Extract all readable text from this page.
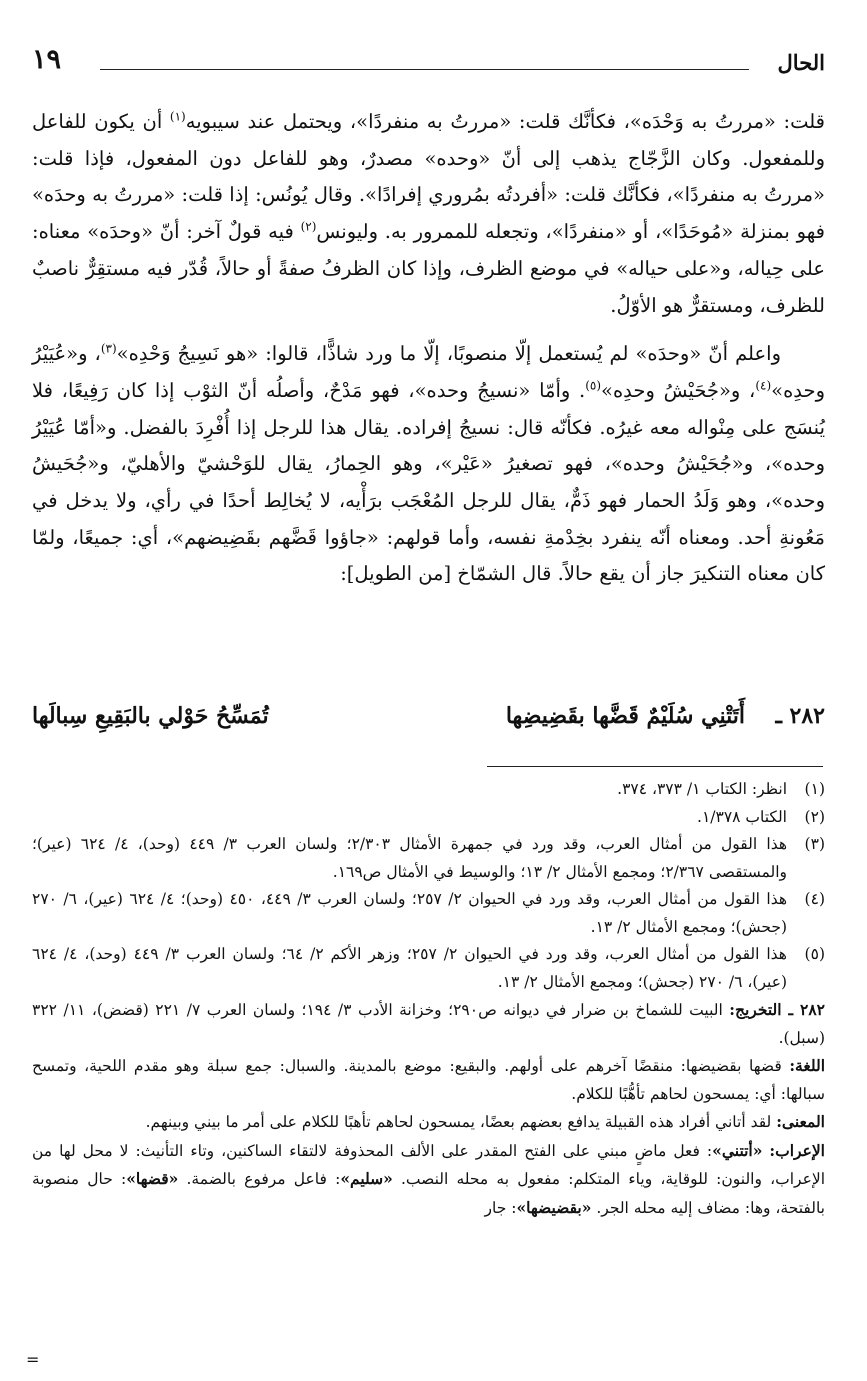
الحال
١٩

قلت: «مررتُ به وَحْدَه»، فكأنَّك قلت: «مررتُ به منفردًا»، ويحتمل عند سيبويه$^{(١)}$ أن يكون للفاعل وللمفعول. وكان الزَّجّاج يذهب إلى أنّ «وحده» مصدرٌ، وهو للفاعل دون المفعول، فإذا قلت: «مررتُ به منفردًا»، فكأنَّك قلت: «أفردتُه بمُروري إفرادًا». وقال يُونُس: إذا قلت: «مررتُ به وحدَه» فهو بمنزلة «مُوحَدًا»، أو «منفردًا»، وتجعله للممرور به. وليونس$^{(٢)}$ فيه قولٌ آخر: أنّ «وحدَه» معناه: على حِياله، و«على حياله» في موضع الظرف، وإذا كان الظرفُ صفةً أو حالاً، قُدّر فيه مستقِرٌّ ناصبٌ للظرف، ومستقرٌّ هو الأوّلُ.

واعلم أنّ «وحدَه» لم يُستعمل إلّا منصوبًا، إلّا ما ورد شاذًّا، قالوا: «هو نَسِيجُ وَحْدِه»$^{(٣)}$، و«عُيَيْرُ وحدِه»$^{(٤)}$، و«جُحَيْشُ وحدِه»$^{(٥)}$. وأمّا «نسيجُ وحده»، فهو مَدْحٌ، وأصلُه أنّ الثوْب إذا كان رَفِيعًا، فلا يُنسَج على مِنْواله معه غيرُه. فكأنّه قال: نسيجُ إفراده. يقال هذا للرجل إذا أُفْرِدَ بالفضل. و«أمّا عُيَيْرُ وحده»، و«جُحَيْشُ وحده»، فهو تصغيرُ «عَيْر»، وهو الحِمارُ، يقال للوَحْشيّ والأهليّ، و«جُحَيشُ وحده»، وهو وَلَدُ الحمار فهو ذَمٌّ، يقال للرجل المُعْجَب برَأْيه، لا يُخالِط أحدًا في رأي، ولا يدخل في مَعُونةِ أحد. ومعناه أنّه ينفرد بخِدْمةِ نفسه، وأما قولهم: «جاؤوا قَضَّهم بقَضِيضهم»، أي: جميعًا، ولمّا كان معناه التنكيرَ جاز أن يقع حالاً. قال الشمّاخ [من الطويل]:

٢٨٢ ـ
أَتَتْنِي سُلَيْمٌ قَضَّها بقَضِيضِها
تُمَسِّحُ حَوْلي بالبَقِيعِ سِبالَها
(١)
انظر: الكتاب ١/ ٣٧٣، ٣٧٤.
(٢)
الكتاب ١/٣٧٨.
(٣)
هذا القول من أمثال العرب، وقد ورد في جمهرة الأمثال ٢/٣٠٣؛ ولسان العرب ٣/ ٤٤٩ (وحد)، ٤/ ٦٢٤ (عير)؛ والمستقصى ٢/٣٦٧؛ ومجمع الأمثال ٢/ ١٣؛ والوسيط في الأمثال ص١٦٩.
(٤)
هذا القول من أمثال العرب، وقد ورد في الحيوان ٢/ ٢٥٧؛ ولسان العرب ٣/ ٤٤٩، ٤٥٠ (وحد)؛ ٤/ ٦٢٤ (عير)، ٦/ ٢٧٠ (جحش)؛ ومجمع الأمثال ٢/ ١٣.
(٥)
هذا القول من أمثال العرب، وقد ورد في الحيوان ٢/ ٢٥٧؛ وزهر الأكم ٢/ ٦٤؛ ولسان العرب ٣/ ٤٤٩ (وحد)، ٤/ ٦٢٤ (عير)، ٦/ ٢٧٠ (جحش)؛ ومجمع الأمثال ٢/ ١٣.
٢٨٢ ـ التخريج: البيت للشماخ بن ضرار في ديوانه ص٢٩٠؛ وخزانة الأدب ٣/ ١٩٤؛ ولسان العرب ٧/ ٢٢١ (قضض)، ١١/ ٣٢٢ (سبل).
اللغة: قضها بقضيضها: منقضًا آخرهم على أولهم. والبقيع: موضع بالمدينة. والسبال: جمع سبلة وهو مقدم اللحية، وتمسح سبالها: أي: يمسحون لحاهم تأهُّبًا للكلام.
المعنى: لقد أتاني أفراد هذه القبيلة يدافع بعضهم بعضًا، يمسحون لحاهم تأهبًا للكلام على أمر ما بيني وبينهم.
الإعراب: «أتتني»: فعل ماضٍ مبني على الفتح المقدر على الألف المحذوفة لالتقاء الساكنين، وتاء التأنيث: لا محل لها من الإعراب، والنون: للوقاية، وياء المتكلم: مفعول به محله النصب. «سليم»: فاعل مرفوع بالضمة. «قضها»: حال منصوبة بالفتحة، وها: مضاف إليه محله الجر. «بقضيضها»: جار
=
